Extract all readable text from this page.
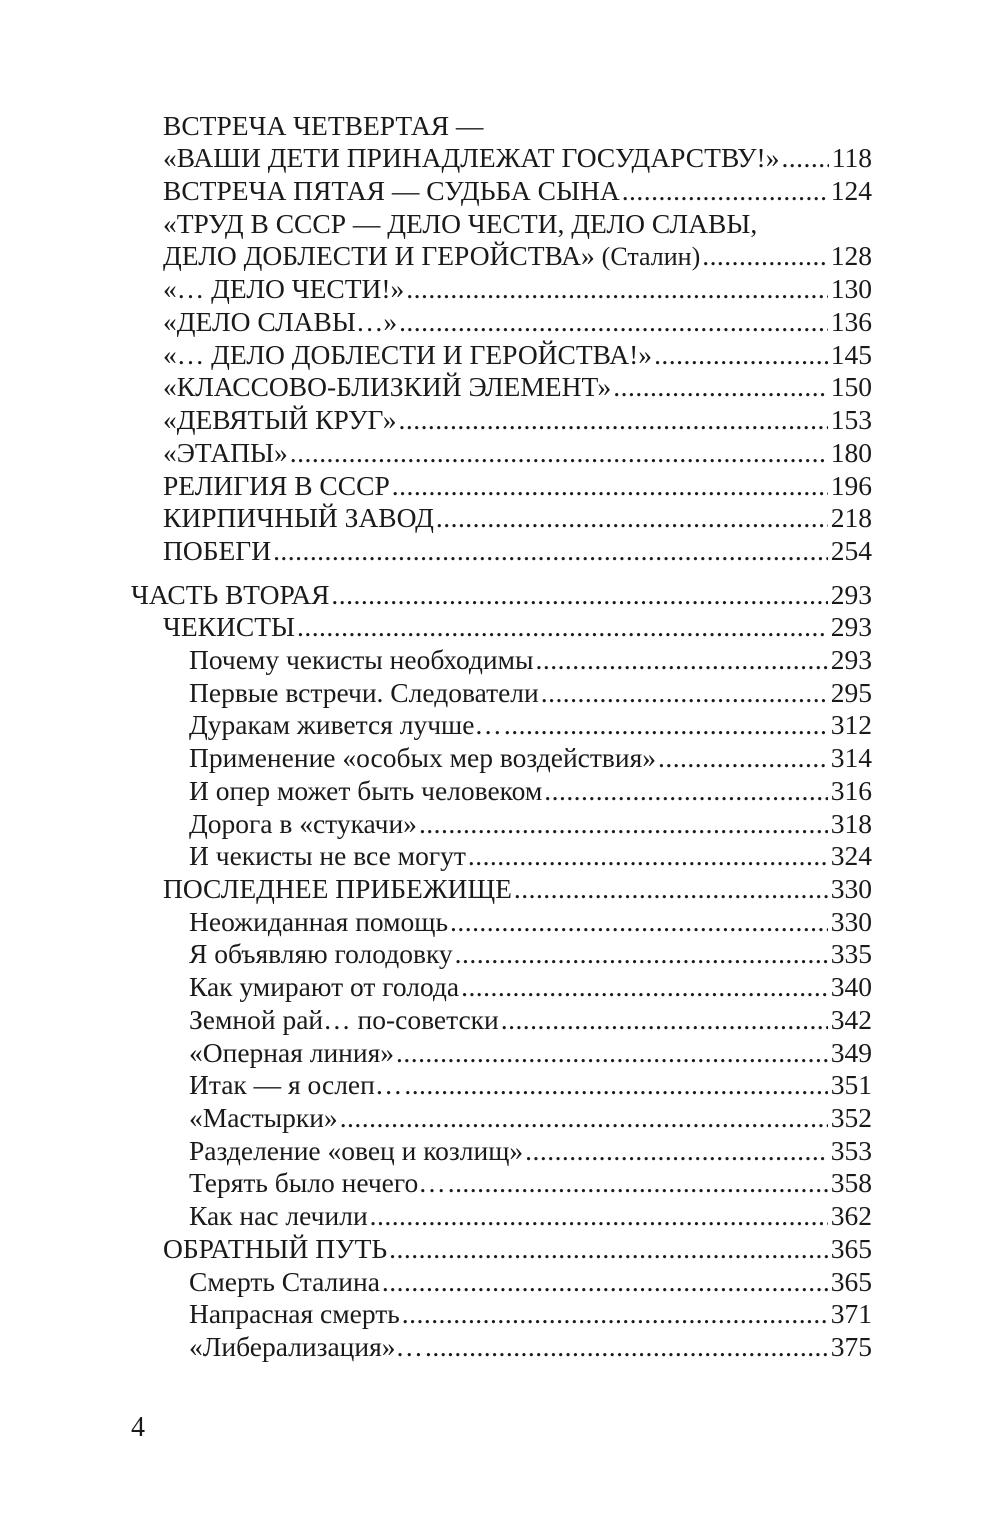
ВСТРЕЧА ЧЕТВЕРТАЯ —
«ВАШИ ДЕТИ ПРИНАДЛЕЖАТ ГОСУДАРСТВУ!» . . . 118
ВСТРЕЧА ПЯТАЯ — СУДЬБА СЫНА . . .	124
«ТРУД В СССР — ДЕЛО ЧЕСТИ, ДЕЛО СЛАВЫ,
ДЕЛО ДОБЛЕСТИ И ГЕРОЙСТВА» (Сталин) . . .	128
«… ДЕЛО ЧЕСТИ!» . . .	130
«ДЕЛО СЛАВЫ…» . . .	136
«… ДЕЛО ДОБЛЕСТИ И ГЕРОЙСТВА!» . . .	145
«КЛАССОВО-БЛИЗКИЙ ЭЛЕМЕНТ» . . .	150
«ДЕВЯТЫЙ КРУГ» . . .	153
«ЭТАПЫ» . . .	180
РЕЛИГИЯ В СССР . . .	196
КИРПИЧНЫЙ ЗАВОД . . .	218
ПОБЕГИ . . .	254
ЧАСТЬ ВТОРАЯ . . .	293
ЧЕКИСТЫ . . .	293
Почему чекисты необходимы . . .	293
Первые встречи. Следователи . . .	295
Дуракам живется лучше… . . .	312
Применение «особых мер воздействия» . . .	314
И опер может быть человеком . . .	316
Дорога в «стукачи» . . .	318
И чекисты не все могут . . .	324
ПОСЛЕДНЕЕ ПРИБЕЖИЩЕ . . .	330
Неожиданная помощь . . .	330
Я объявляю голодовку . . .	335
Как умирают от голода . . .	340
Земной рай… по-советски . . .	342
«Оперная линия» . . .	349
Итак — я ослеп… . . .	351
«Мастырки» . . .	352
Разделение «овец и козлищ» . . .	353
Терять было нечего… . . .	358
Как нас лечили . . .	362
ОБРАТНЫЙ ПУТЬ . . .	365
Смерть Сталина . . .	365
Напрасная смерть . . .	371
«Либерализация»… . . .	375
4
